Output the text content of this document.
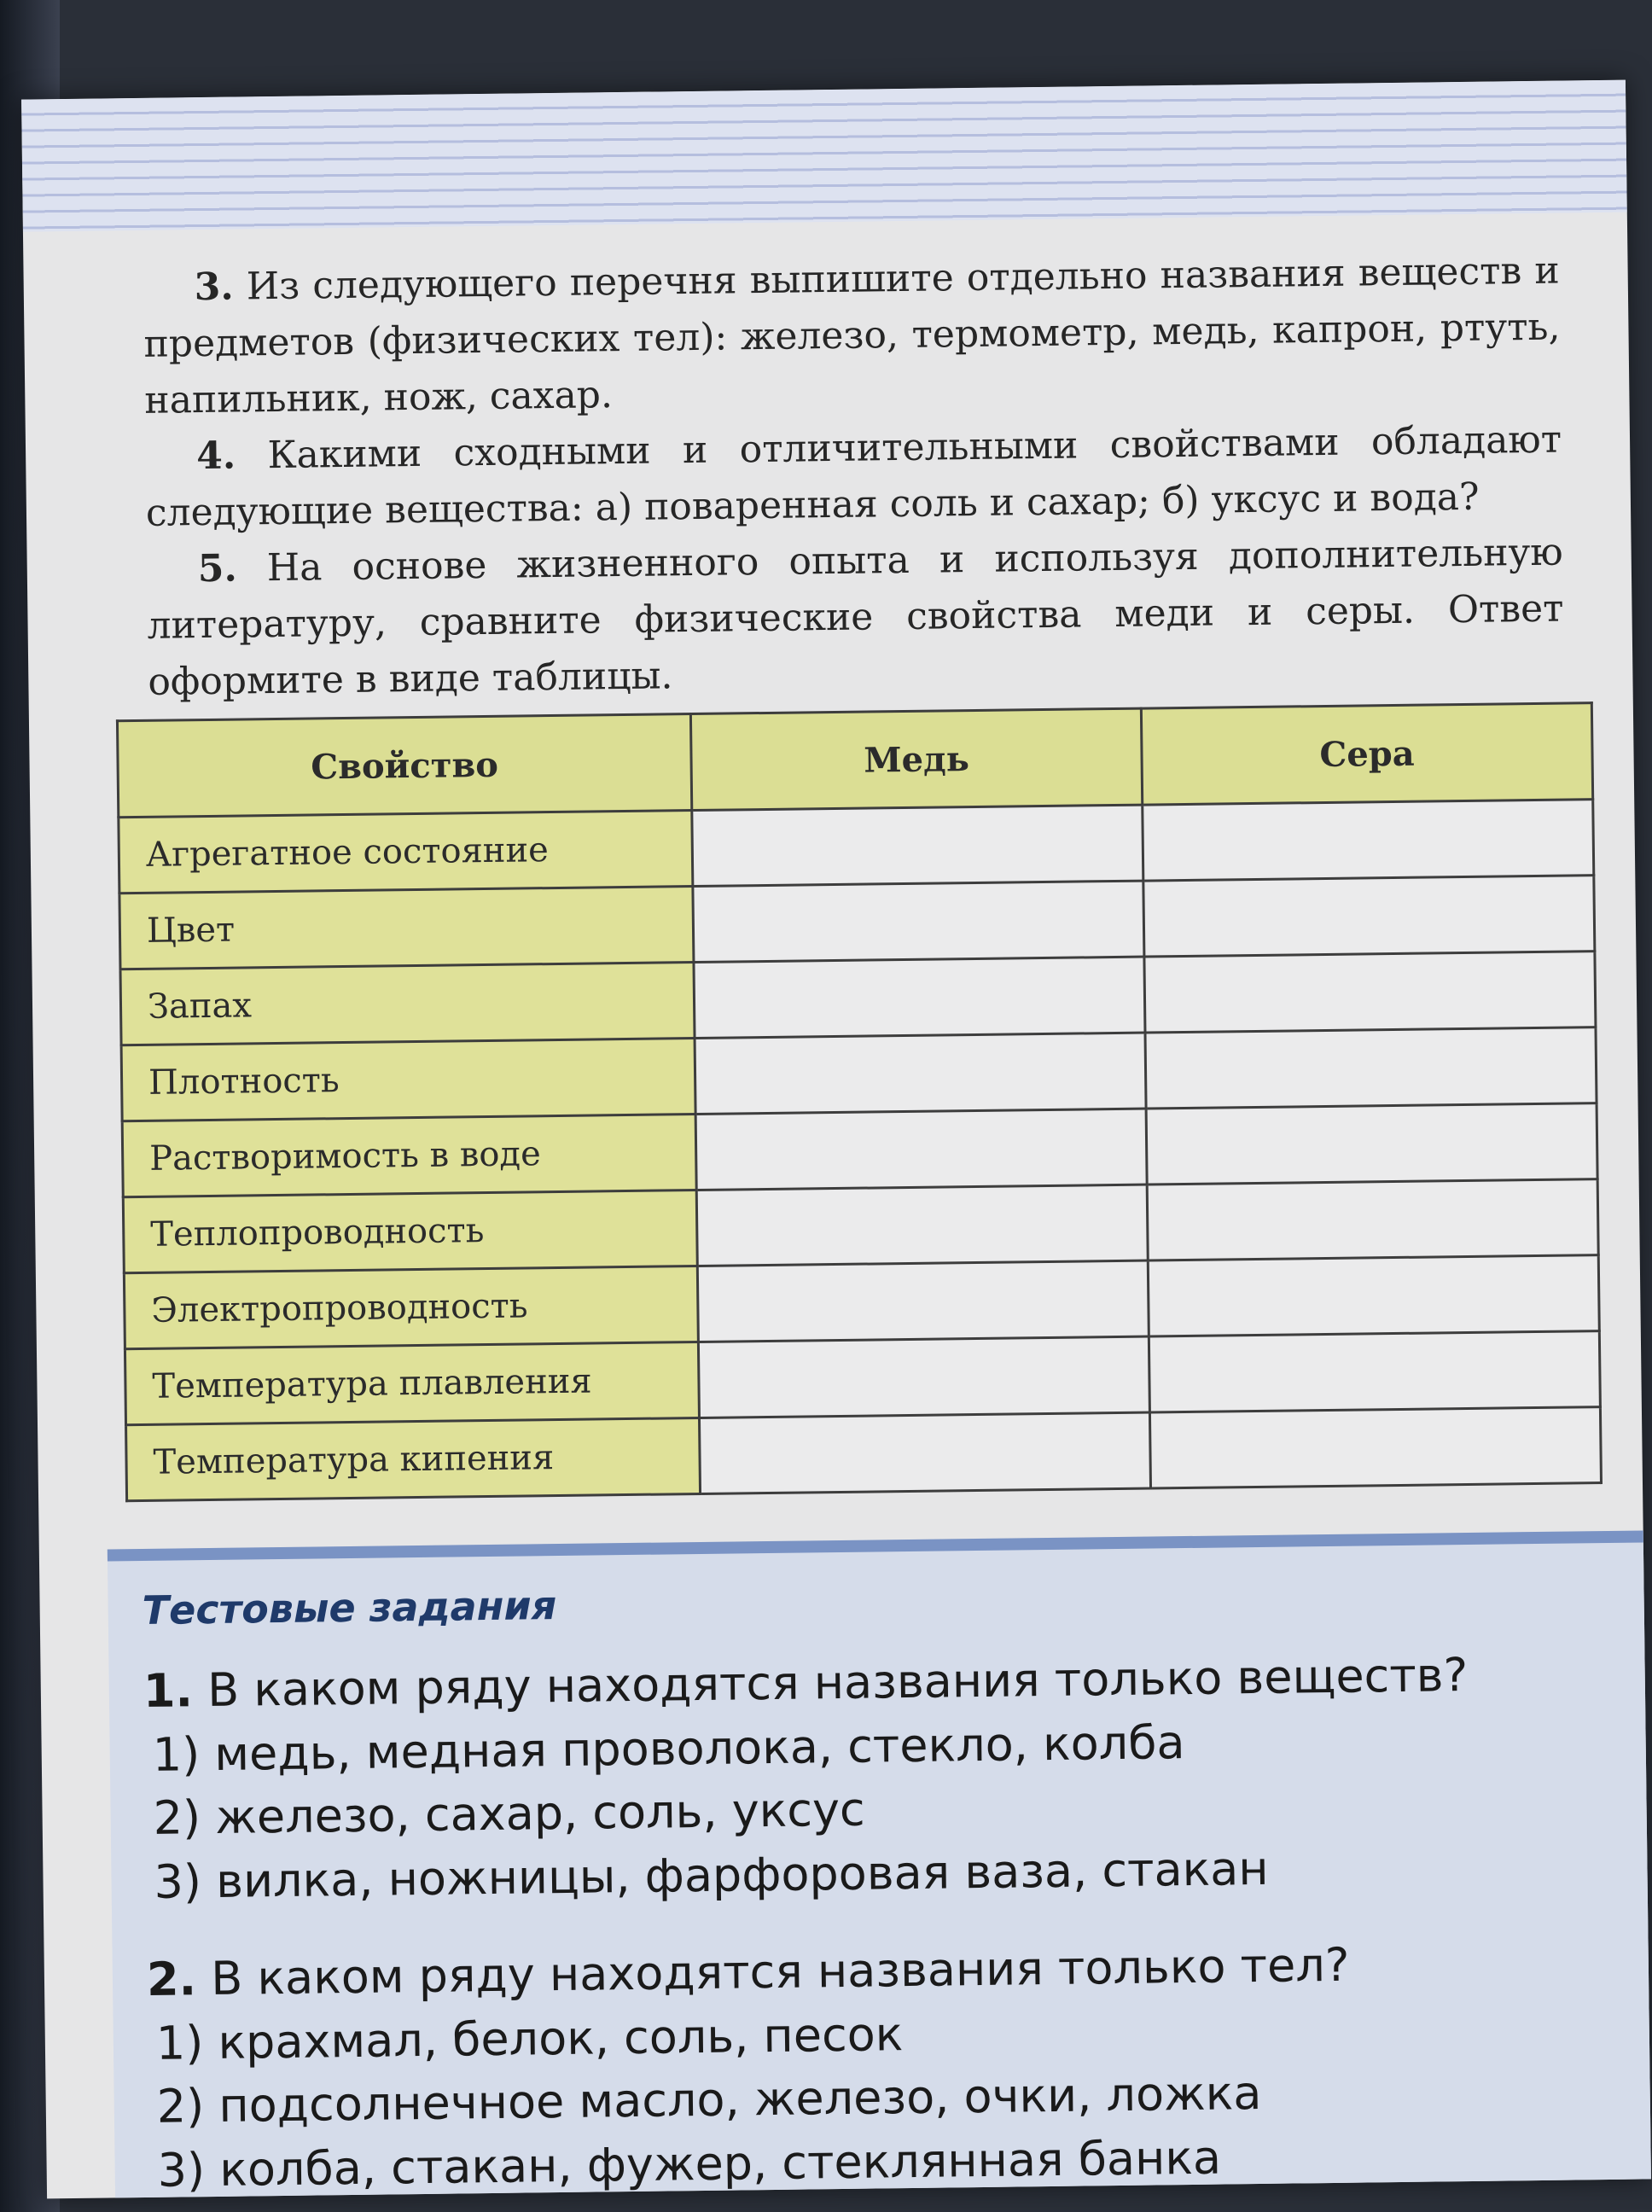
3. Из следующего перечня выпишите отдельно названия веществ и предметов (физических тел): железо, термометр, медь, капрон, ртуть, напильник, нож, сахар.

4. Какими сходными и отличительными свойствами обладают следующие вещества: а) поваренная соль и сахар; б) уксус и вода?

5. На основе жизненного опыта и используя дополнительную литературу, сравните физические свойства меди и серы. Ответ оформите в виде таблицы.

Свойство	Медь	Сера
Агрегатное состояние		
Цвет		
Запах		
Плотность		
Растворимость в воде		
Теплопроводность		
Электропроводность		
Температура плавления		
Температура кипения		
Тестовые задания

1. В каком ряду находятся названия только веществ?

1) медь, медная проволока, стекло, колба

2) железо, сахар, соль, уксус

3) вилка, ножницы, фарфоровая ваза, стакан

2. В каком ряду находятся названия только тел?

1) крахмал, белок, соль, песок

2) подсолнечное масло, железо, очки, ложка

3) колба, стакан, фужер, стеклянная банка
